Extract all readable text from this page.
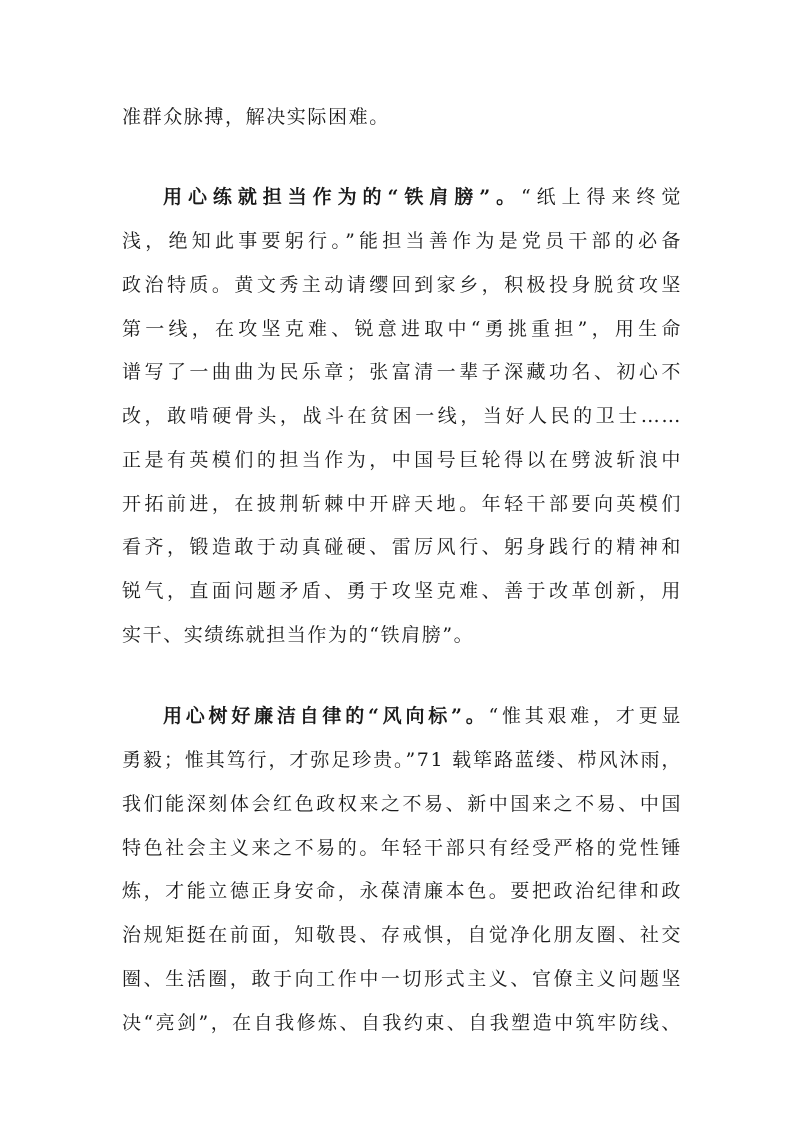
准群众脉搏，解决实际困难。
用心练就担当作为的“铁肩膀”。“纸上得来终觉
浅，绝知此事要躬行。”能担当善作为是党员干部的必备
政治特质。黄文秀主动请缨回到家乡，积极投身脱贫攻坚
第一线，在攻坚克难、锐意进取中“勇挑重担”，用生命
谱写了一曲曲为民乐章；张富清一辈子深藏功名、初心不
改，敢啃硬骨头，战斗在贫困一线，当好人民的卫士……
正是有英模们的担当作为，中国号巨轮得以在劈波斩浪中
开拓前进，在披荆斩棘中开辟天地。年轻干部要向英模们
看齐，锻造敢于动真碰硬、雷厉风行、躬身践行的精神和
锐气，直面问题矛盾、勇于攻坚克难、善于改革创新，用
实干、实绩练就担当作为的“铁肩膀”。
用心树好廉洁自律的“风向标”。“惟其艰难，才更显
勇毅；惟其笃行，才弥足珍贵。”71 载筚路蓝缕、栉风沐雨，
我们能深刻体会红色政权来之不易、新中国来之不易、中国
特色社会主义来之不易的。年轻干部只有经受严格的党性锤
炼，才能立德正身安命，永葆清廉本色。要把政治纪律和政
治规矩挺在前面，知敬畏、存戒惧，自觉净化朋友圈、社交
圈、生活圈，敢于向工作中一切形式主义、官僚主义问题坚
决“亮剑”，在自我修炼、自我约束、自我塑造中筑牢防线、
